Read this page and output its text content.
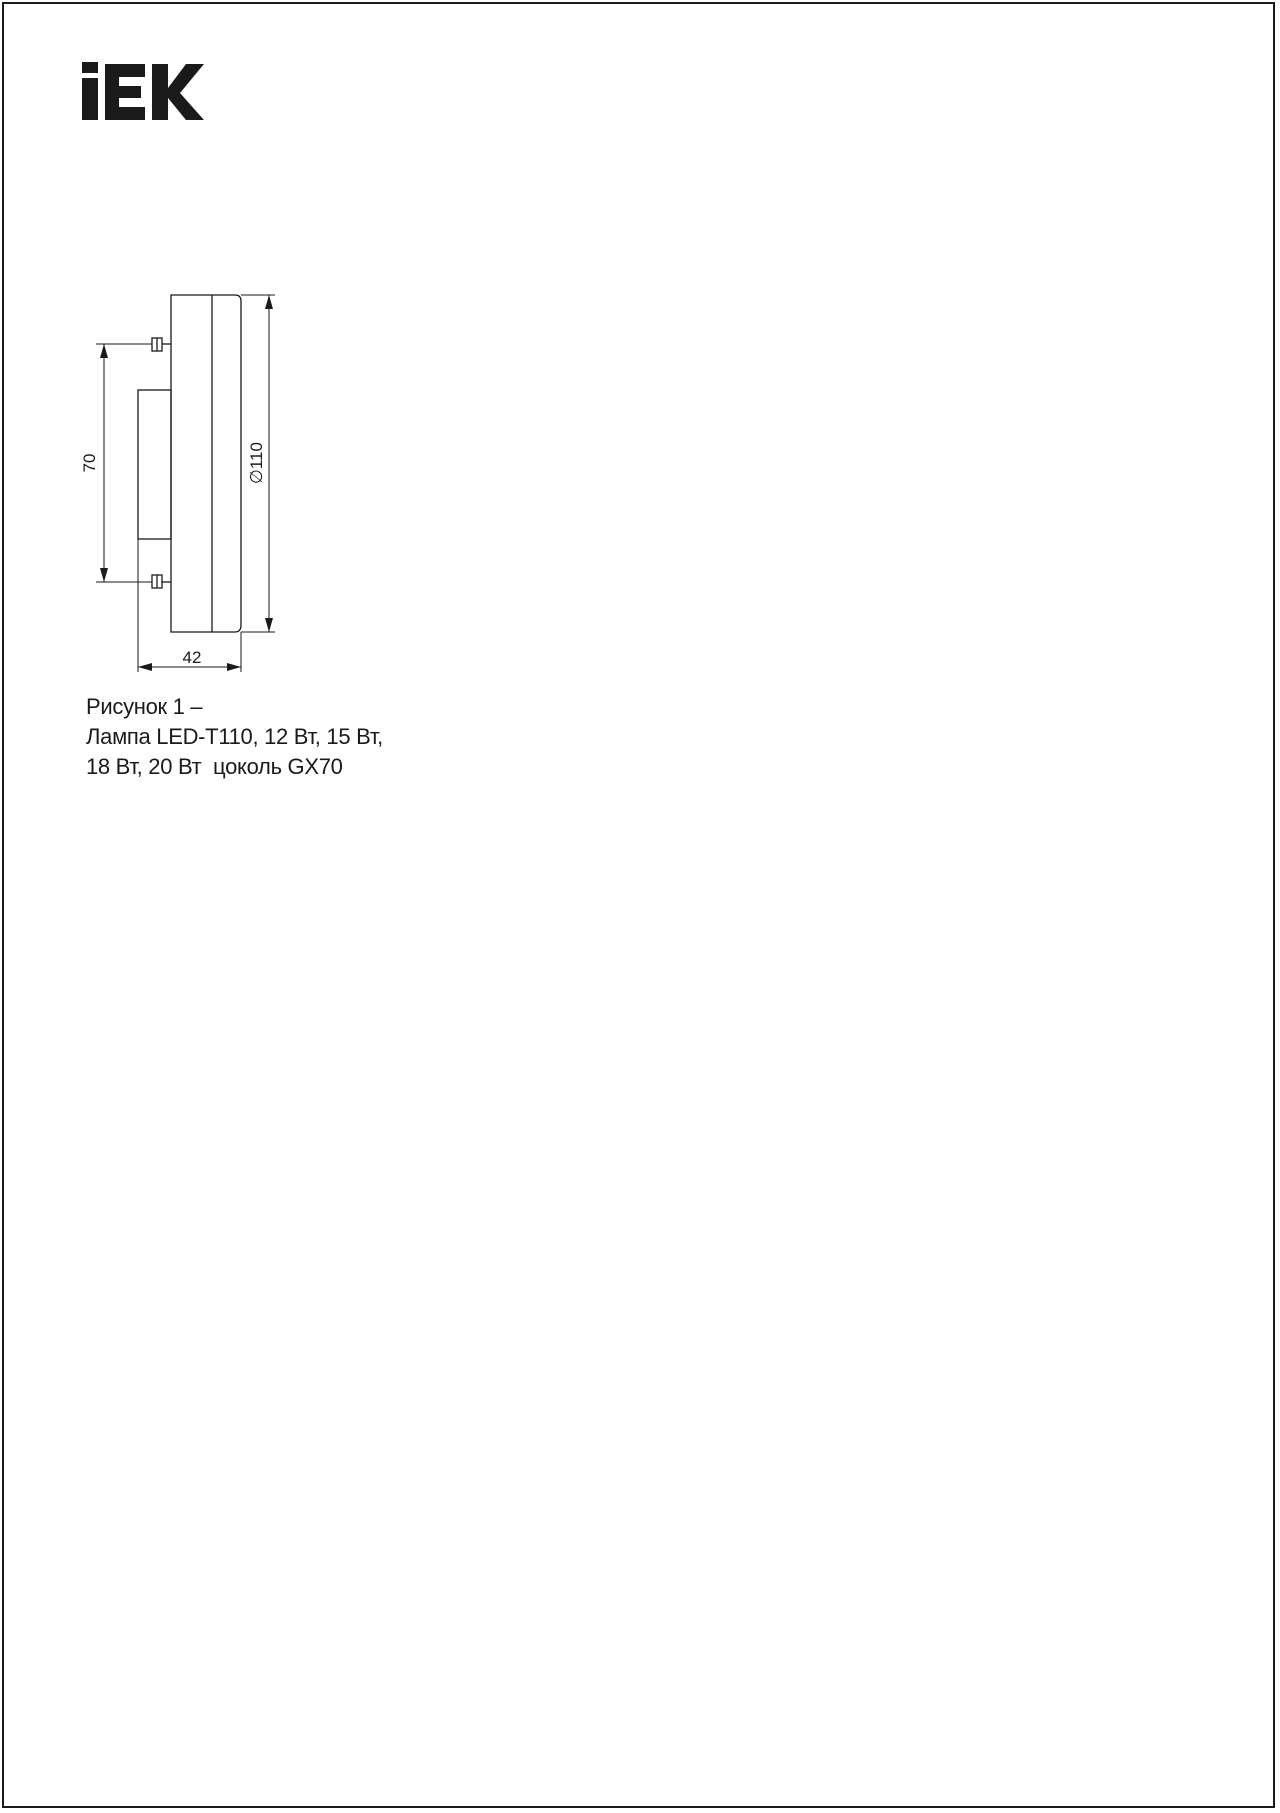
70	∅110
42
Рисунок 1 –
Лампа LED-T110, 12 Вт, 15 Вт,
18 Вт, 20 Вт  цоколь GX70
